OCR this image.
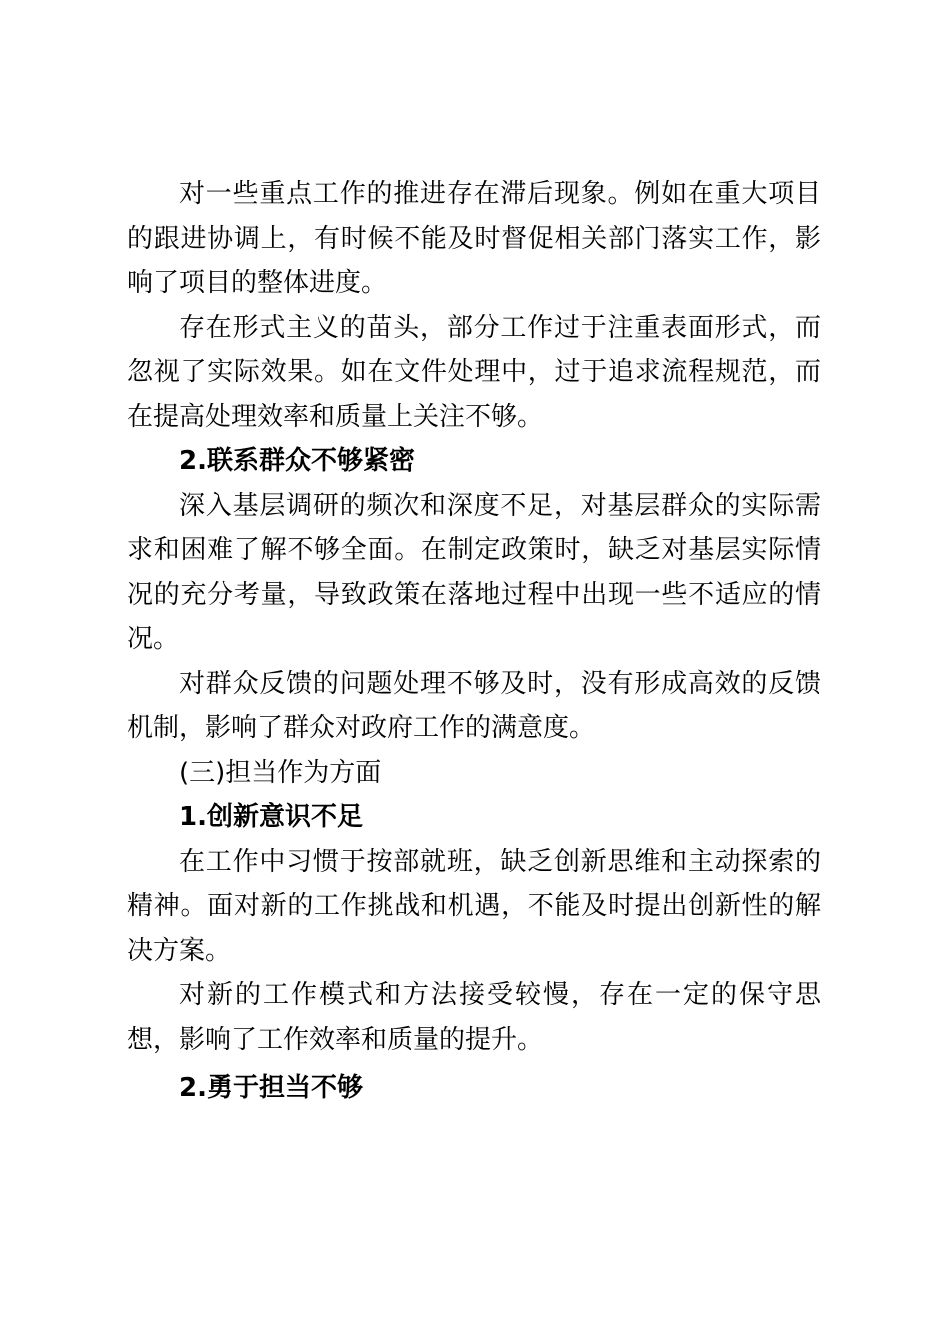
对一些重点工作的推进存在滞后现象。例如在重大项目的跟进协调上，有时候不能及时督促相关部门落实工作，影响了项目的整体进度。

存在形式主义的苗头，部分工作过于注重表面形式，而忽视了实际效果。如在文件处理中，过于追求流程规范，而在提高处理效率和质量上关注不够。

2.联系群众不够紧密

深入基层调研的频次和深度不足，对基层群众的实际需求和困难了解不够全面。在制定政策时，缺乏对基层实际情况的充分考量，导致政策在落地过程中出现一些不适应的情况。

对群众反馈的问题处理不够及时，没有形成高效的反馈机制，影响了群众对政府工作的满意度。

(三)担当作为方面

1.创新意识不足

在工作中习惯于按部就班，缺乏创新思维和主动探索的精神。面对新的工作挑战和机遇，不能及时提出创新性的解决方案。

对新的工作模式和方法接受较慢，存在一定的保守思想，影响了工作效率和质量的提升。

2.勇于担当不够
